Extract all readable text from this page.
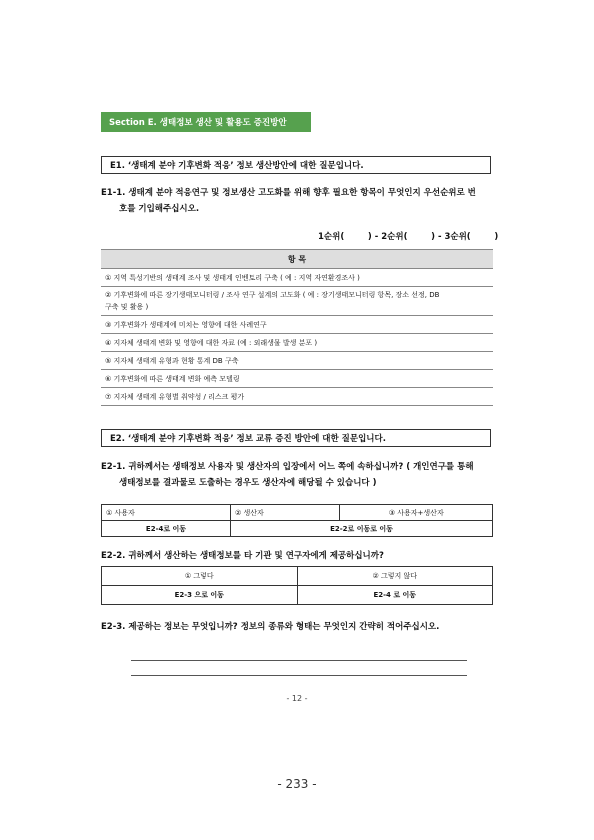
Section E. 생태정보 생산 및 활용도 증진방안
E1. ‘생태계 분야 기후변화 적응’ 정보 생산방안에 대한 질문입니다.
E1-1. 생태계 분야 적응연구 및 정보생산 고도화를 위해 향후 필요한 항목이 무엇인지 우선순위로 번
호를 기입해주십시오.
1순위(        ) - 2순위(        ) - 3순위(        )
항 목
① 지역 특성기반의 생태계 조사 및 생태계 인벤토리 구축 ( 예 : 지역 자연환경조사 )

② 기후변화에 따른 장기생태모니터링 / 조사 연구 설계의 고도화 ( 예 : 장기생태모니터링 항목, 장소 선정, DB
구축 및 활용 )

③ 기후변화가 생태계에 미치는 영향에 대한 사례연구
④ 지자체 생태계 변화 및 영향에 대한 자료 (예 : 외래생물 발생 분포 )
⑤ 지자체 생태계 유형과 현황 통계 DB 구축
⑥ 기후변화에 따른 생태계 변화 예측 모델링
⑦ 지자체 생태계 유형별 취약성 / 리스크 평가
E2. ‘생태계 분야 기후변화 적응’ 정보 교류 증진 방안에 대한 질문입니다.
E2-1. 귀하께서는 생태정보 사용자 및 생산자의 입장에서 어느 쪽에 속하십니까? ( 개인연구를 통해
생태정보를 결과물로 도출하는 경우도 생산자에 해당될 수 있습니다 )
① 사용자	② 생산자	③ 사용자+생산자
E2-4로 이동	E2-2로 이동로 이동	
E2-2. 귀하께서 생산하는 생태정보를 타 기관 및 연구자에게 제공하십니까?
① 그렇다	② 그렇지 않다
E2-3 으로 이동	E2-4 로 이동
E2-3. 제공하는 정보는 무엇입니까? 정보의 종류와 형태는 무엇인지 간략히 적어주십시오.
- 12 -
- 233 -
